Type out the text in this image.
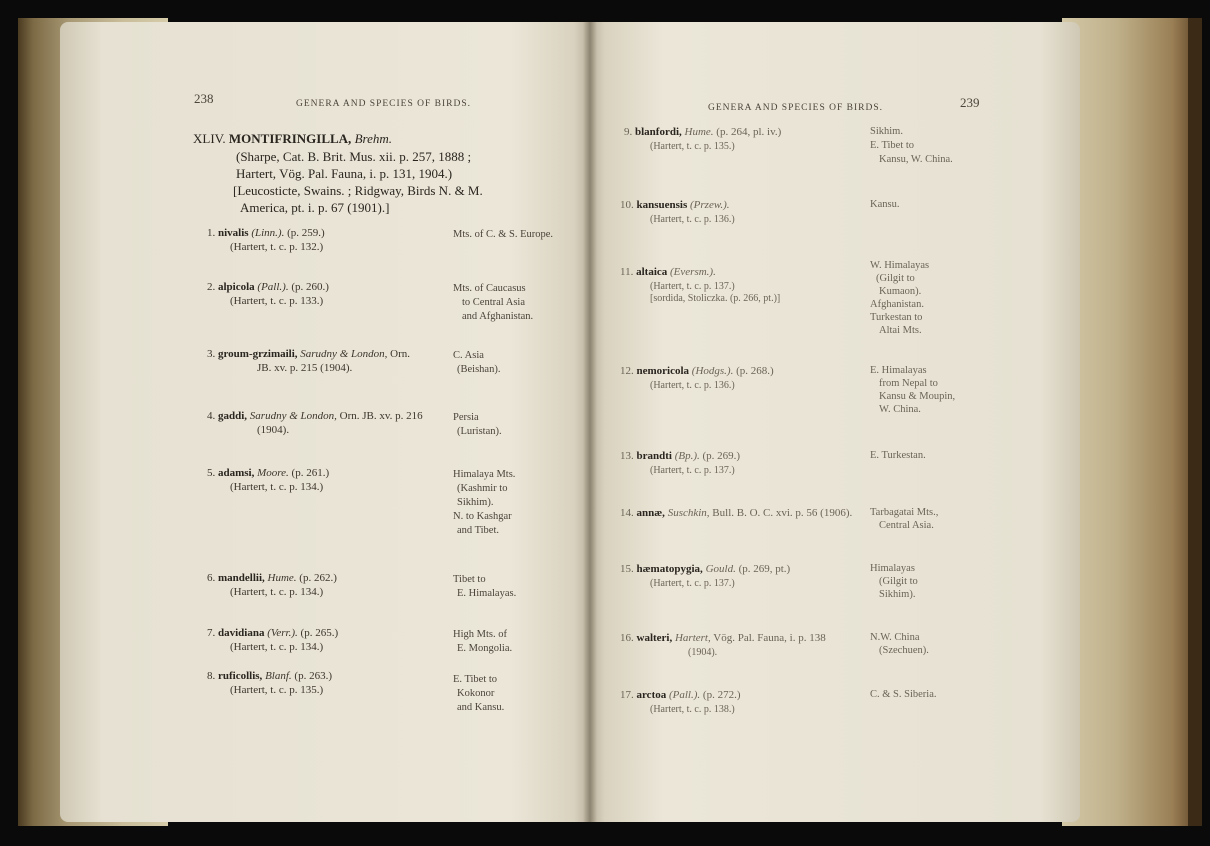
238	GENERA AND SPECIES OF BIRDS.
XLIV. MONTIFRINGILLA, Brehm.
(Sharpe, Cat. B. Brit. Mus. xii. p. 257, 1888 ;
Hartert, Vög. Pal. Fauna, i. p. 131, 1904.)
[Leucosticte, Swains. ; Ridgway, Birds N. & M.
America, pt. i. p. 67 (1901).]
1. nivalis (Linn.). (p. 259.)
(Hartert, t. c. p. 132.)
Mts. of C. & S. Europe.
2. alpicola (Pall.). (p. 260.)
(Hartert, t. c. p. 133.)
Mts. of Caucasus
to Central Asia
and Afghanistan.
3. groum-grzimaili, Sarudny & London, Orn.
JB. xv. p. 215 (1904).
C. Asia
(Beishan).
4. gaddi, Sarudny & London, Orn. JB. xv. p. 216
(1904).
Persia
(Luristan).
5. adamsi, Moore. (p. 261.)
(Hartert, t. c. p. 134.)
Himalaya Mts.
(Kashmir to
Sikhim).
N. to Kashgar
and Tibet.
6. mandellii, Hume. (p. 262.)
(Hartert, t. c. p. 134.)
Tibet to
E. Himalayas.
7. davidiana (Verr.). (p. 265.)
(Hartert, t. c. p. 134.)
High Mts. of
E. Mongolia.
8. ruficollis, Blanf. (p. 263.)
(Hartert, t. c. p. 135.)
E. Tibet to
Kokonor
and Kansu.
GENERA AND SPECIES OF BIRDS.	239
9. blanfordi, Hume. (p. 264, pl. iv.)
(Hartert, t. c. p. 135.)
Sikhim.
E. Tibet to
Kansu, W. China.
10. kansuensis (Przew.).
(Hartert, t. c. p. 136.)
Kansu.
11. altaica (Eversm.).
(Hartert, t. c. p. 137.)
[sordida, Stoliczka. (p. 266, pt.)]
W. Himalayas
(Gilgit to
Kumaon).
Afghanistan.
Turkestan to
Altai Mts.
12. nemoricola (Hodgs.). (p. 268.)
(Hartert, t. c. p. 136.)
E. Himalayas
from Nepal to
Kansu & Moupin,
W. China.
13. brandti (Bp.). (p. 269.)
(Hartert, t. c. p. 137.)
E. Turkestan.
14. annæ, Suschkin, Bull. B. O. C. xvi. p. 56 (1906). Tarbagatai Mts.,
Central Asia.
15. hæmatopygia, Gould. (p. 269, pt.)
(Hartert, t. c. p. 137.)
Himalayas
(Gilgit to
Sikhim).
16. walteri, Hartert, Vög. Pal. Fauna, i. p. 138
(1904).
N.W. China
(Szechuen).
17. arctoa (Pall.). (p. 272.)
(Hartert, t. c. p. 138.)
C. & S. Siberia.
